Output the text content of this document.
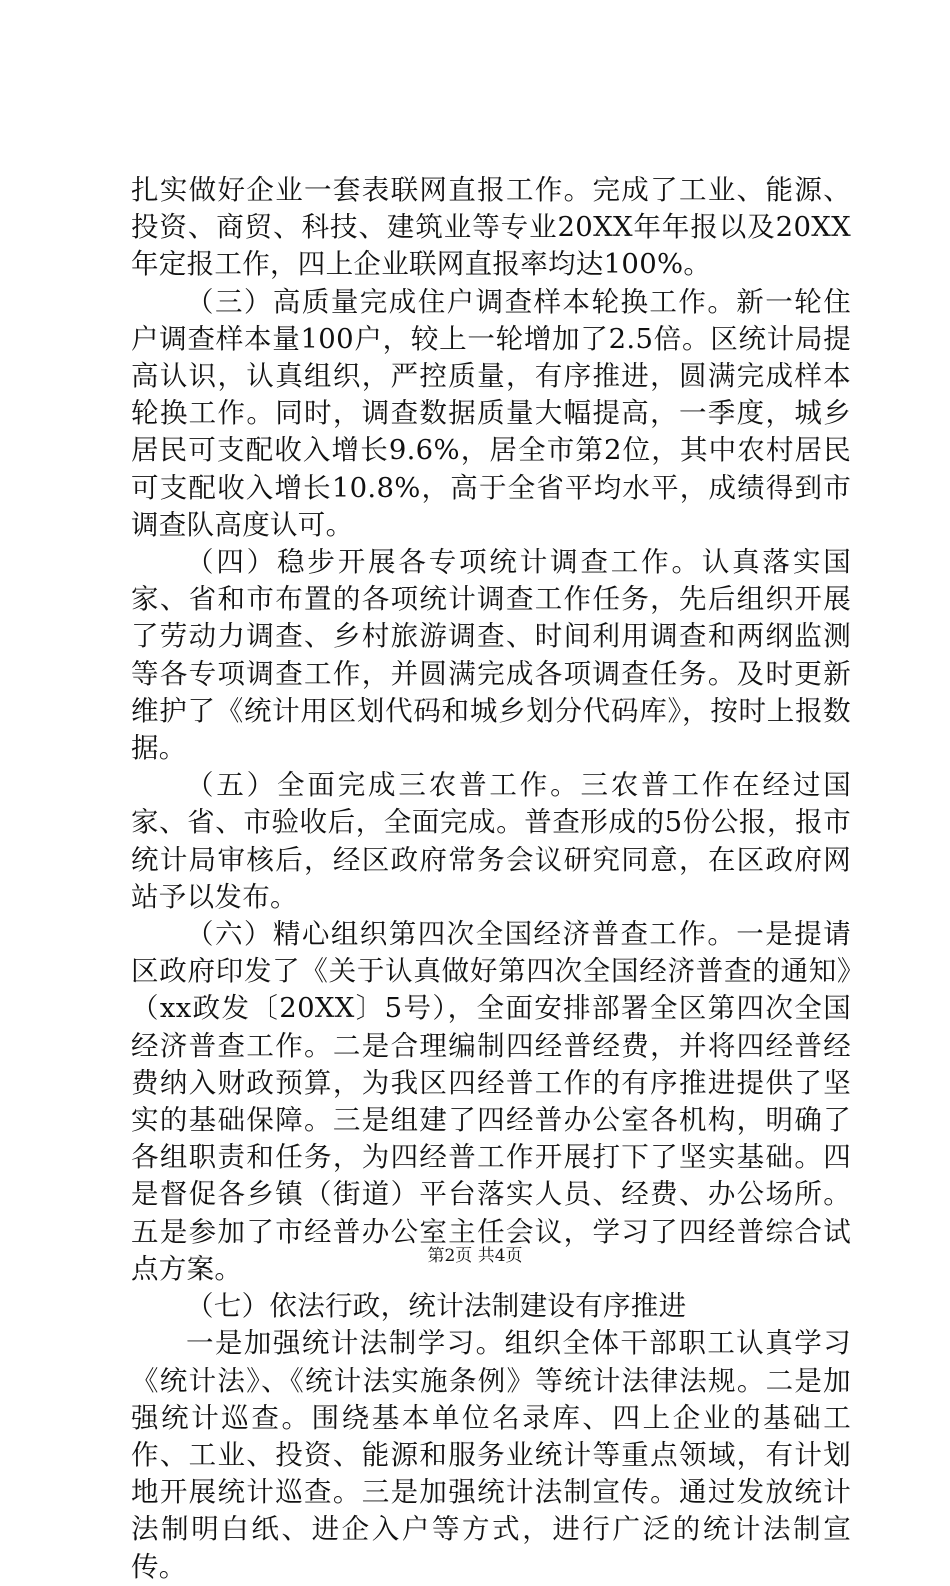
扎实做好企业一套表联网直报工作。完成了工业、能源、投资、商贸、科技、建筑业等专业20XX年年报以及20XX年定报工作，四上企业联网直报率均达100%。

（三）高质量完成住户调查样本轮换工作。新一轮住户调查样本量100户，较上一轮增加了2.5倍。区统计局提高认识，认真组织，严控质量，有序推进，圆满完成样本轮换工作。同时，调查数据质量大幅提高，一季度，城乡居民可支配收入增长9.6%，居全市第2位，其中农村居民可支配收入增长10.8%，高于全省平均水平，成绩得到市调查队高度认可。

（四）稳步开展各专项统计调查工作。认真落实国家、省和市布置的各项统计调查工作任务，先后组织开展了劳动力调查、乡村旅游调查、时间利用调查和两纲监测等各专项调查工作，并圆满完成各项调查任务。及时更新维护了《统计用区划代码和城乡划分代码库》，按时上报数据。

（五）全面完成三农普工作。三农普工作在经过国家、省、市验收后，全面完成。普查形成的5份公报，报市统计局审核后，经区政府常务会议研究同意，在区政府网站予以发布。

（六）精心组织第四次全国经济普查工作。一是提请区政府印发了《关于认真做好第四次全国经济普查的通知》（xx政发〔20XX〕5号），全面安排部署全区第四次全国经济普查工作。二是合理编制四经普经费，并将四经普经费纳入财政预算，为我区四经普工作的有序推进提供了坚实的基础保障。三是组建了四经普办公室各机构，明确了各组职责和任务，为四经普工作开展打下了坚实基础。四是督促各乡镇（街道）平台落实人员、经费、办公场所。五是参加了市经普办公室主任会议，学习了四经普综合试点方案。

（七）依法行政，统计法制建设有序推进

一是加强统计法制学习。组织全体干部职工认真学习《统计法》、《统计法实施条例》等统计法律法规。二是加强统计巡查。围绕基本单位名录库、四上企业的基础工作、工业、投资、能源和服务业统计等重点领域，有计划地开展统计巡查。三是加强统计法制宣传。通过发放统计法制明白纸、进企入户等方式，进行广泛的统计法制宣传。

第2页 共4页
